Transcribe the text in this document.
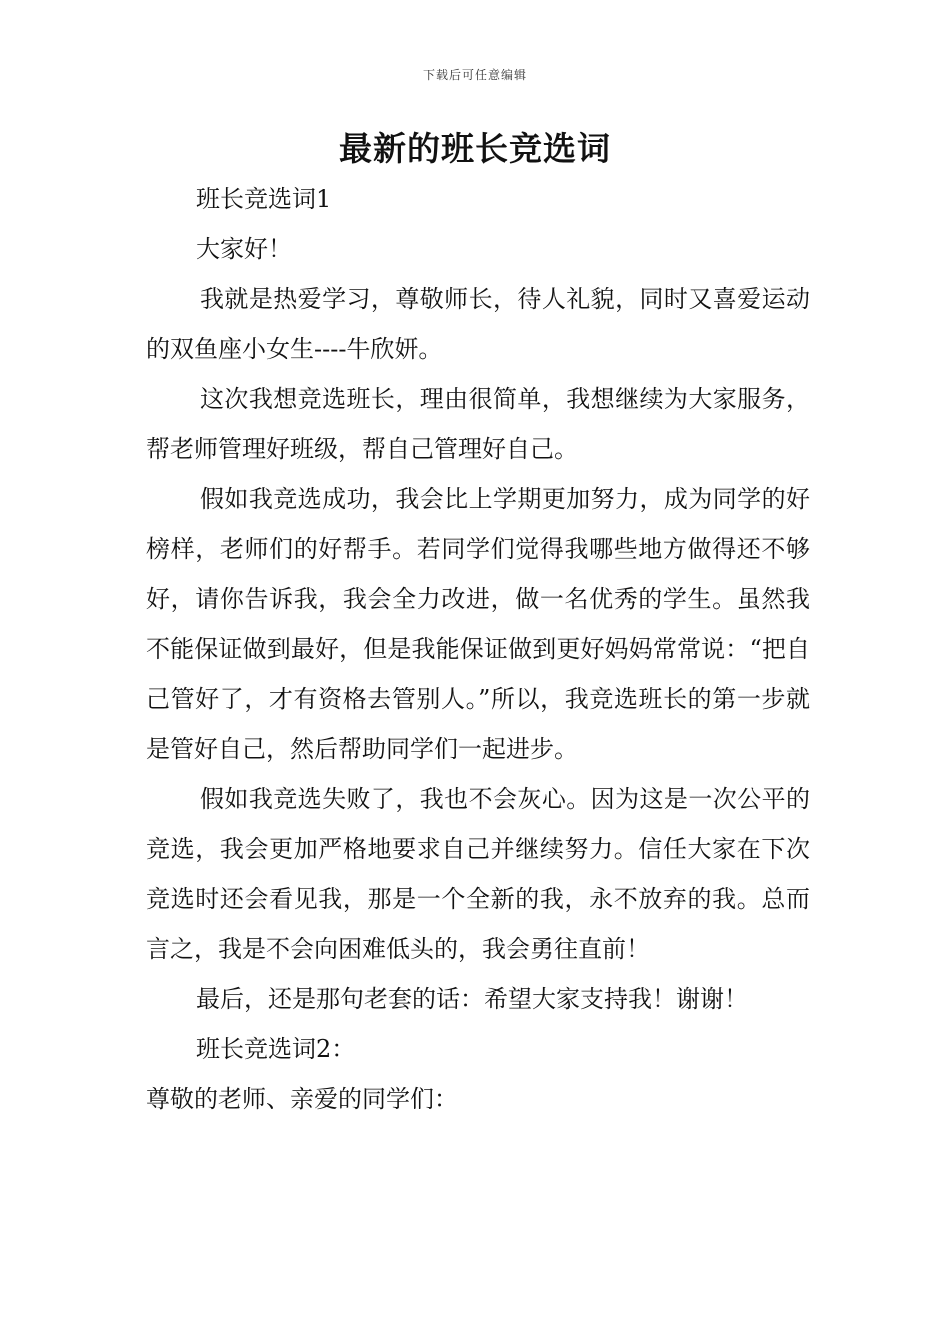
下载后可任意编辑
最新的班长竞选词

班长竞选词1

大家好！

我就是热爱学习，尊敬师长，待人礼貌，同时又喜爱运动的双鱼座小女生----牛欣妍。

这次我想竞选班长，理由很简单，我想继续为大家服务，帮老师管理好班级，帮自己管理好自己。

假如我竞选成功，我会比上学期更加努力，成为同学的好榜样，老师们的好帮手。若同学们觉得我哪些地方做得还不够好，请你告诉我，我会全力改进，做一名优秀的学生。虽然我不能保证做到最好，但是我能保证做到更好妈妈常常说：“把自己管好了，才有资格去管别人。”所以，我竞选班长的第一步就是管好自己，然后帮助同学们一起进步。

假如我竞选失败了，我也不会灰心。因为这是一次公平的竞选，我会更加严格地要求自己并继续努力。信任大家在下次竞选时还会看见我，那是一个全新的我，永不放弃的我。总而言之，我是不会向困难低头的，我会勇往直前！

最后，还是那句老套的话：希望大家支持我！谢谢！

班长竞选词2：

尊敬的老师、亲爱的同学们：
